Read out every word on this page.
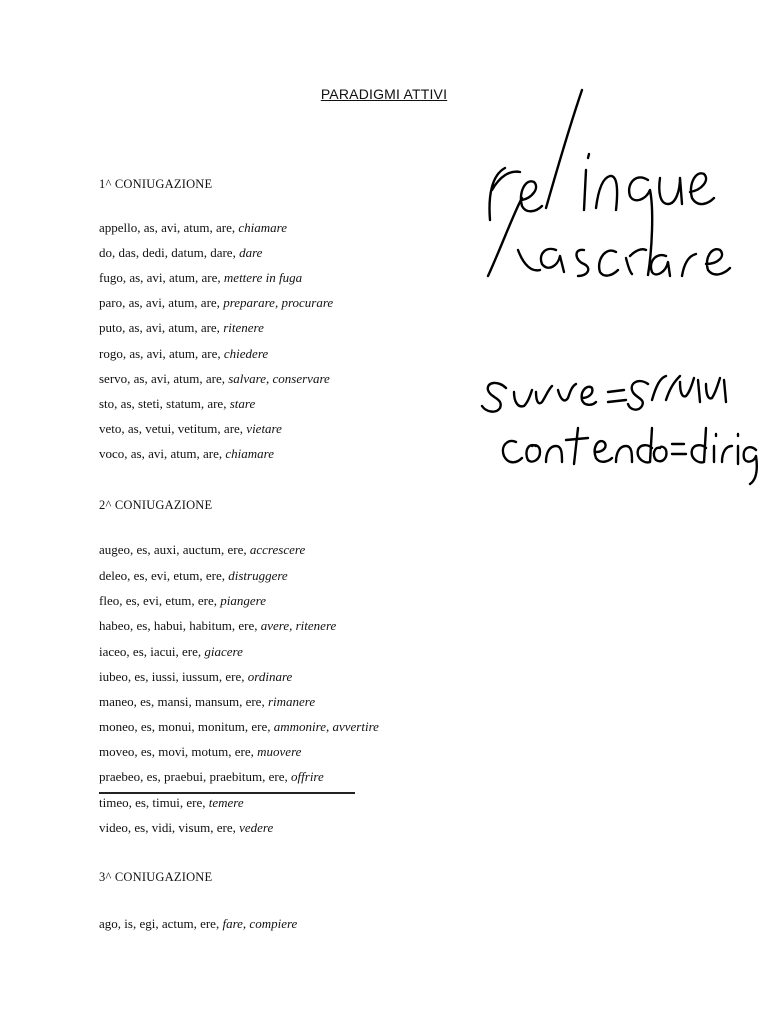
PARADIGMI ATTIVI
1^ CONIUGAZIONE
appello, as, avi, atum, are, chiamare
do, das, dedi, datum, dare, dare
fugo, as, avi, atum, are, mettere in fuga
paro, as, avi, atum, are, preparare, procurare
puto, as, avi, atum, are, ritenere
rogo, as, avi, atum, are, chiedere
servo, as, avi, atum, are, salvare, conservare
sto, as, steti, statum, are, stare
veto, as, vetui, vetitum, are, vietare
voco, as, avi, atum, are, chiamare
2^ CONIUGAZIONE
augeo, es, auxi, auctum, ere, accrescere
deleo, es, evi, etum, ere, distruggere
fleo, es, evi, etum, ere, piangere
habeo, es, habui, habitum, ere, avere, ritenere
iaceo, es, iacui, ere, giacere
iubeo, es, iussi, iussum, ere, ordinare
maneo, es, mansi, mansum, ere, rimanere
moneo, es, monui, monitum, ere, ammonire, avvertire
moveo, es, movi, motum, ere, muovere
praebeo, es, praebui, praebitum, ere, offrire
timeo, es, timui, ere, temere
video, es, vidi, visum, ere, vedere
3^ CONIUGAZIONE
ago, is, egi, actum, ere, fare, compiere
